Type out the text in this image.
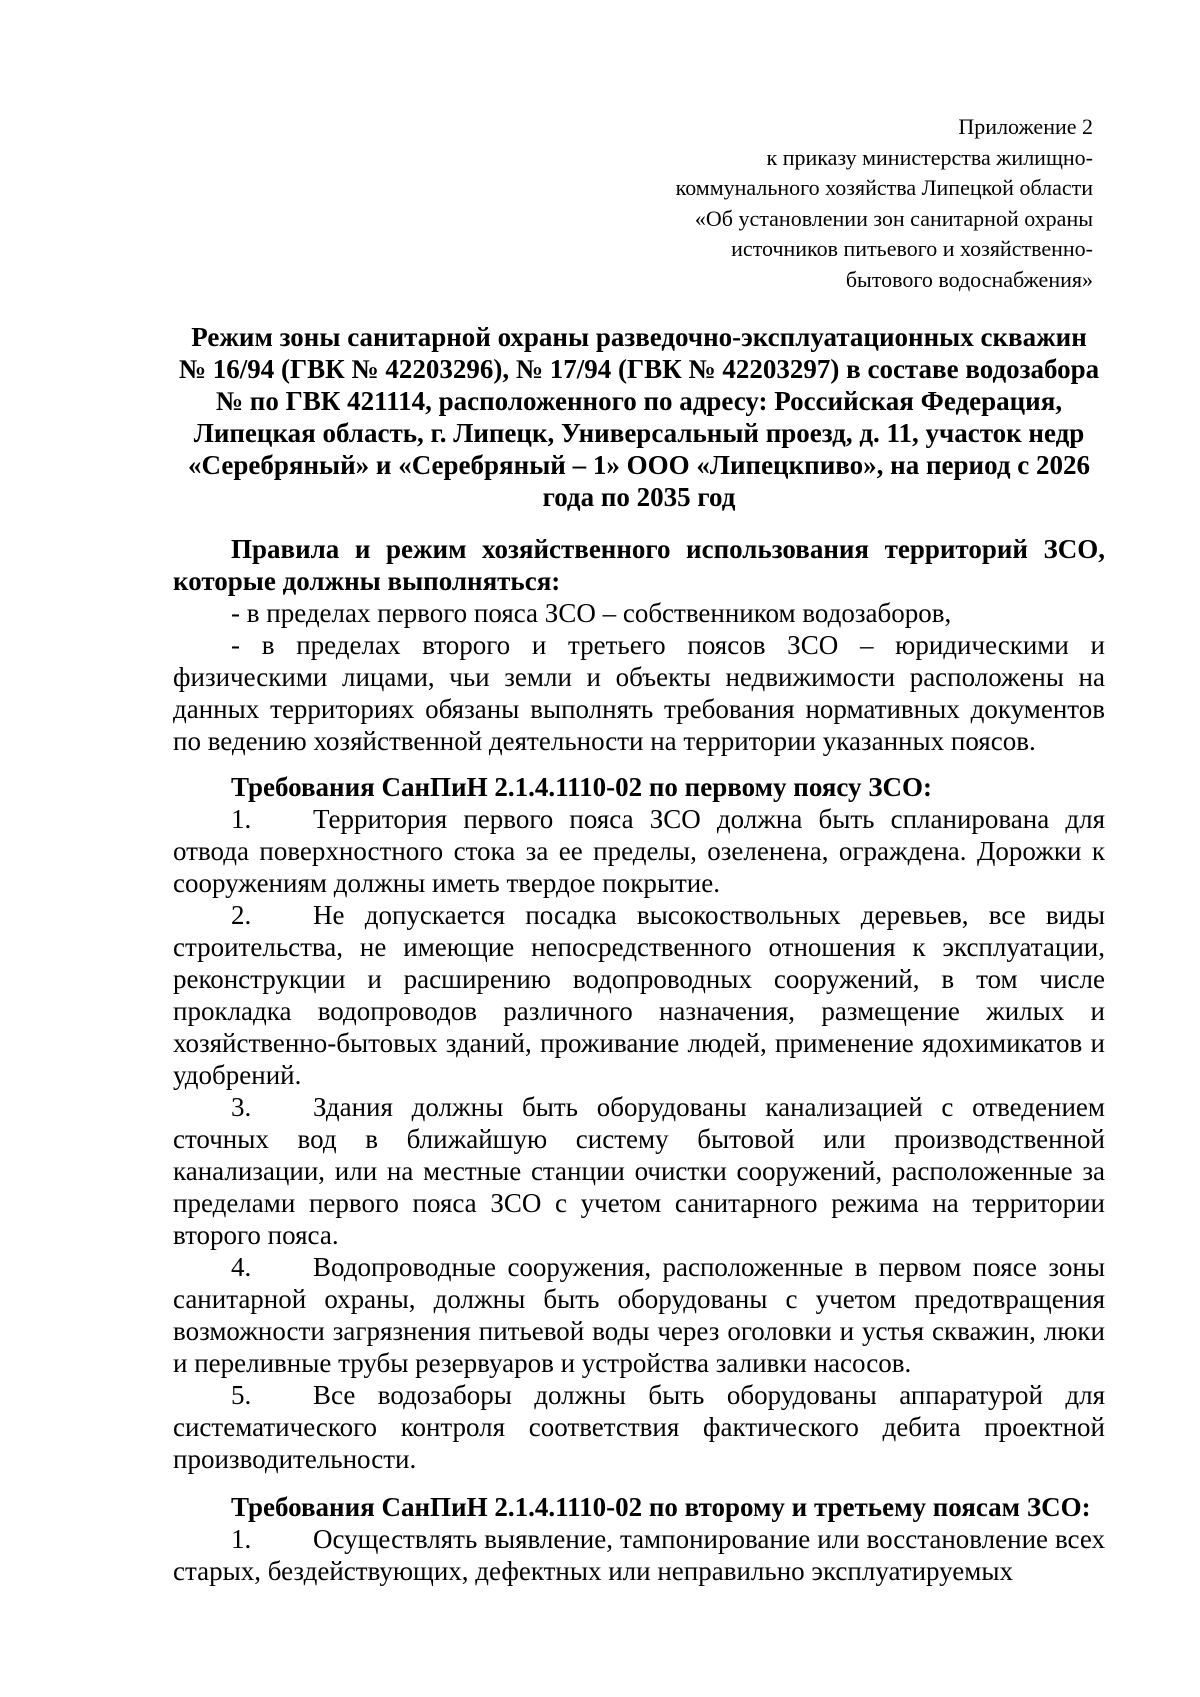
Приложение 2
к приказу министерства жилищно-
коммунального хозяйства Липецкой области
«Об установлении зон санитарной охраны
источников питьевого и хозяйственно-
бытового водоснабжения»
Режим зоны санитарной охраны разведочно-эксплуатационных скважин
№ 16/94 (ГВК № 42203296), № 17/94 (ГВК № 42203297) в составе водозабора
№ по ГВК 421114, расположенного по адресу: Российская Федерация,
Липецкая область, г. Липецк, Универсальный проезд, д. 11, участок недр
«Серебряный» и «Серебряный – 1» ООО «Липецкпиво», на период с 2026
года по 2035 год

Правила и режим хозяйственного использования территорий ЗСО, которые должны выполняться:

- в пределах первого пояса ЗСО – собственником водозаборов,

- в пределах второго и третьего поясов ЗСО – юридическими и физическими лицами, чьи земли и объекты недвижимости расположены на данных территориях обязаны выполнять требования нормативных документов по ведению хозяйственной деятельности на территории указанных поясов.

Требования СанПиН 2.1.4.1110-02 по первому поясу ЗСО:

1. Территория первого пояса ЗСО должна быть спланирована для отвода поверхностного стока за ее пределы, озеленена, ограждена. Дорожки к сооружениям должны иметь твердое покрытие.

2. Не допускается посадка высокоствольных деревьев, все виды строительства, не имеющие непосредственного отношения к эксплуатации, реконструкции и расширению водопроводных сооружений, в том числе прокладка водопроводов различного назначения, размещение жилых и хозяйственно-бытовых зданий, проживание людей, применение ядохимикатов и удобрений.

3. Здания должны быть оборудованы канализацией с отведением сточных вод в ближайшую систему бытовой или производственной канализации, или на местные станции очистки сооружений, расположенные за пределами первого пояса ЗСО с учетом санитарного режима на территории второго пояса.

4. Водопроводные сооружения, расположенные в первом поясе зоны санитарной охраны, должны быть оборудованы с учетом предотвращения возможности загрязнения питьевой воды через оголовки и устья скважин, люки и переливные трубы резервуаров и устройства заливки насосов.

5. Все водозаборы должны быть оборудованы аппаратурой для систематического контроля соответствия фактического дебита проектной производительности.

Требования СанПиН 2.1.4.1110-02 по второму и третьему поясам ЗСО:

1. Осуществлять выявление, тампонирование или восстановление всех старых, бездействующих, дефектных или неправильно эксплуатируемых
